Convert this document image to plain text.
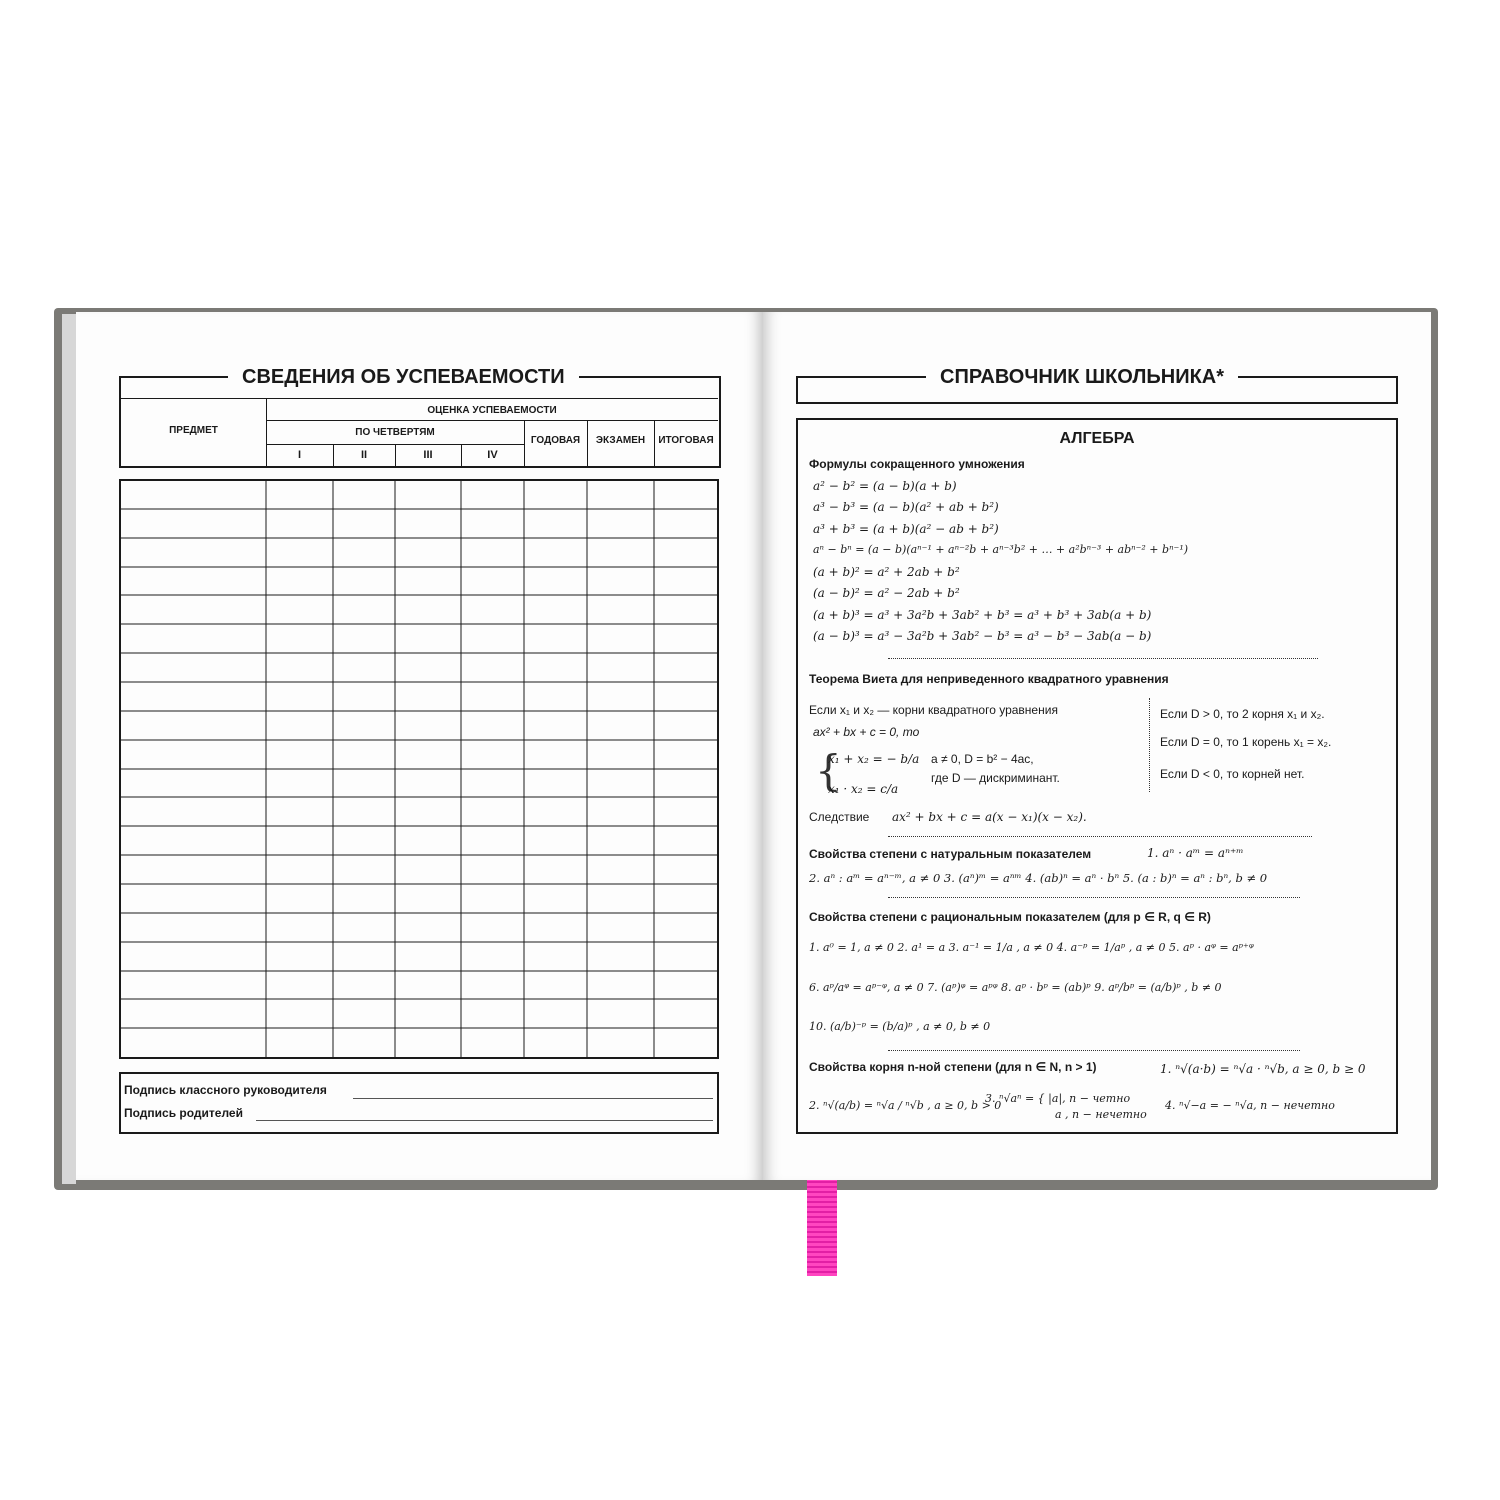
СВЕДЕНИЯ ОБ УСПЕВАЕМОСТИ
ПРЕДМЕТ
ОЦЕНКА УСПЕВАЕМОСТИ
ПО ЧЕТВЕРТЯМ
I	II	III	IV
ГОДОВАЯ	ЭКЗАМЕН	ИТОГОВАЯ
Подпись классного руководителя
Подпись родителей
СПРАВОЧНИК ШКОЛЬНИКА*
АЛГЕБРА
Формулы сокращенного умножения
a² − b² = (a − b)(a + b)
a³ − b³ = (a − b)(a² + ab + b²)
a³ + b³ = (a + b)(a² − ab + b²)
aⁿ − bⁿ = (a − b)(aⁿ⁻¹ + aⁿ⁻²b + aⁿ⁻³b² + … + a²bⁿ⁻³ + abⁿ⁻² + bⁿ⁻¹)
(a + b)² = a² + 2ab + b²
(a − b)² = a² − 2ab + b²
(a + b)³ = a³ + 3a²b + 3ab² + b³ = a³ + b³ + 3ab(a + b)
(a − b)³ = a³ − 3a²b + 3ab² − b³ = a³ − b³ − 3ab(a − b)
Теорема Виета для неприведенного квадратного уравнения
Если x₁ и x₂ — корни квадратного уравнения
ax² + bx + c = 0, то
{
x₁ + x₂ = − b/a
x₁ · x₂ = c/a
a ≠ 0, D = b² − 4ac,
где D — дискриминант.
Если D > 0, то 2 корня x₁ и x₂.
Если D = 0, то 1 корень x₁ = x₂.
Если D < 0, то корней нет.
Следствие ax² + bx + c = a(x − x₁)(x − x₂).
Свойства степени с натуральным показателем	1. aⁿ · aᵐ = aⁿ⁺ᵐ
2. aⁿ : aᵐ = aⁿ⁻ᵐ, a ≠ 0 3. (aⁿ)ᵐ = aⁿᵐ 4. (ab)ⁿ = aⁿ · bⁿ 5. (a : b)ⁿ = aⁿ : bⁿ, b ≠ 0
Свойства степени с рациональным показателем (для p ∈ R, q ∈ R)
1. a⁰ = 1, a ≠ 0 2. a¹ = a 3. a⁻¹ = 1/a , a ≠ 0 4. a⁻ᵖ = 1/aᵖ , a ≠ 0 5. aᵖ · aᵠ = aᵖ⁺ᵠ
6. aᵖ/aᵠ = aᵖ⁻ᵠ, a ≠ 0 7. (aᵖ)ᵠ = aᵖᵠ 8. aᵖ · bᵖ = (ab)ᵖ 9. aᵖ/bᵖ = (a/b)ᵖ , b ≠ 0
10. (a/b)⁻ᵖ = (b/a)ᵖ , a ≠ 0, b ≠ 0
Свойства корня n-ной степени (для n ∈ N, n > 1)	1. ⁿ√(a·b) = ⁿ√a · ⁿ√b, a ≥ 0, b ≥ 0
2. ⁿ√(a/b) = ⁿ√a / ⁿ√b , a ≥ 0, b > 0
3. ⁿ√aⁿ = { |a|, n − четно
a , n − нечетно
4. ⁿ√−a = − ⁿ√a, n − нечетно
